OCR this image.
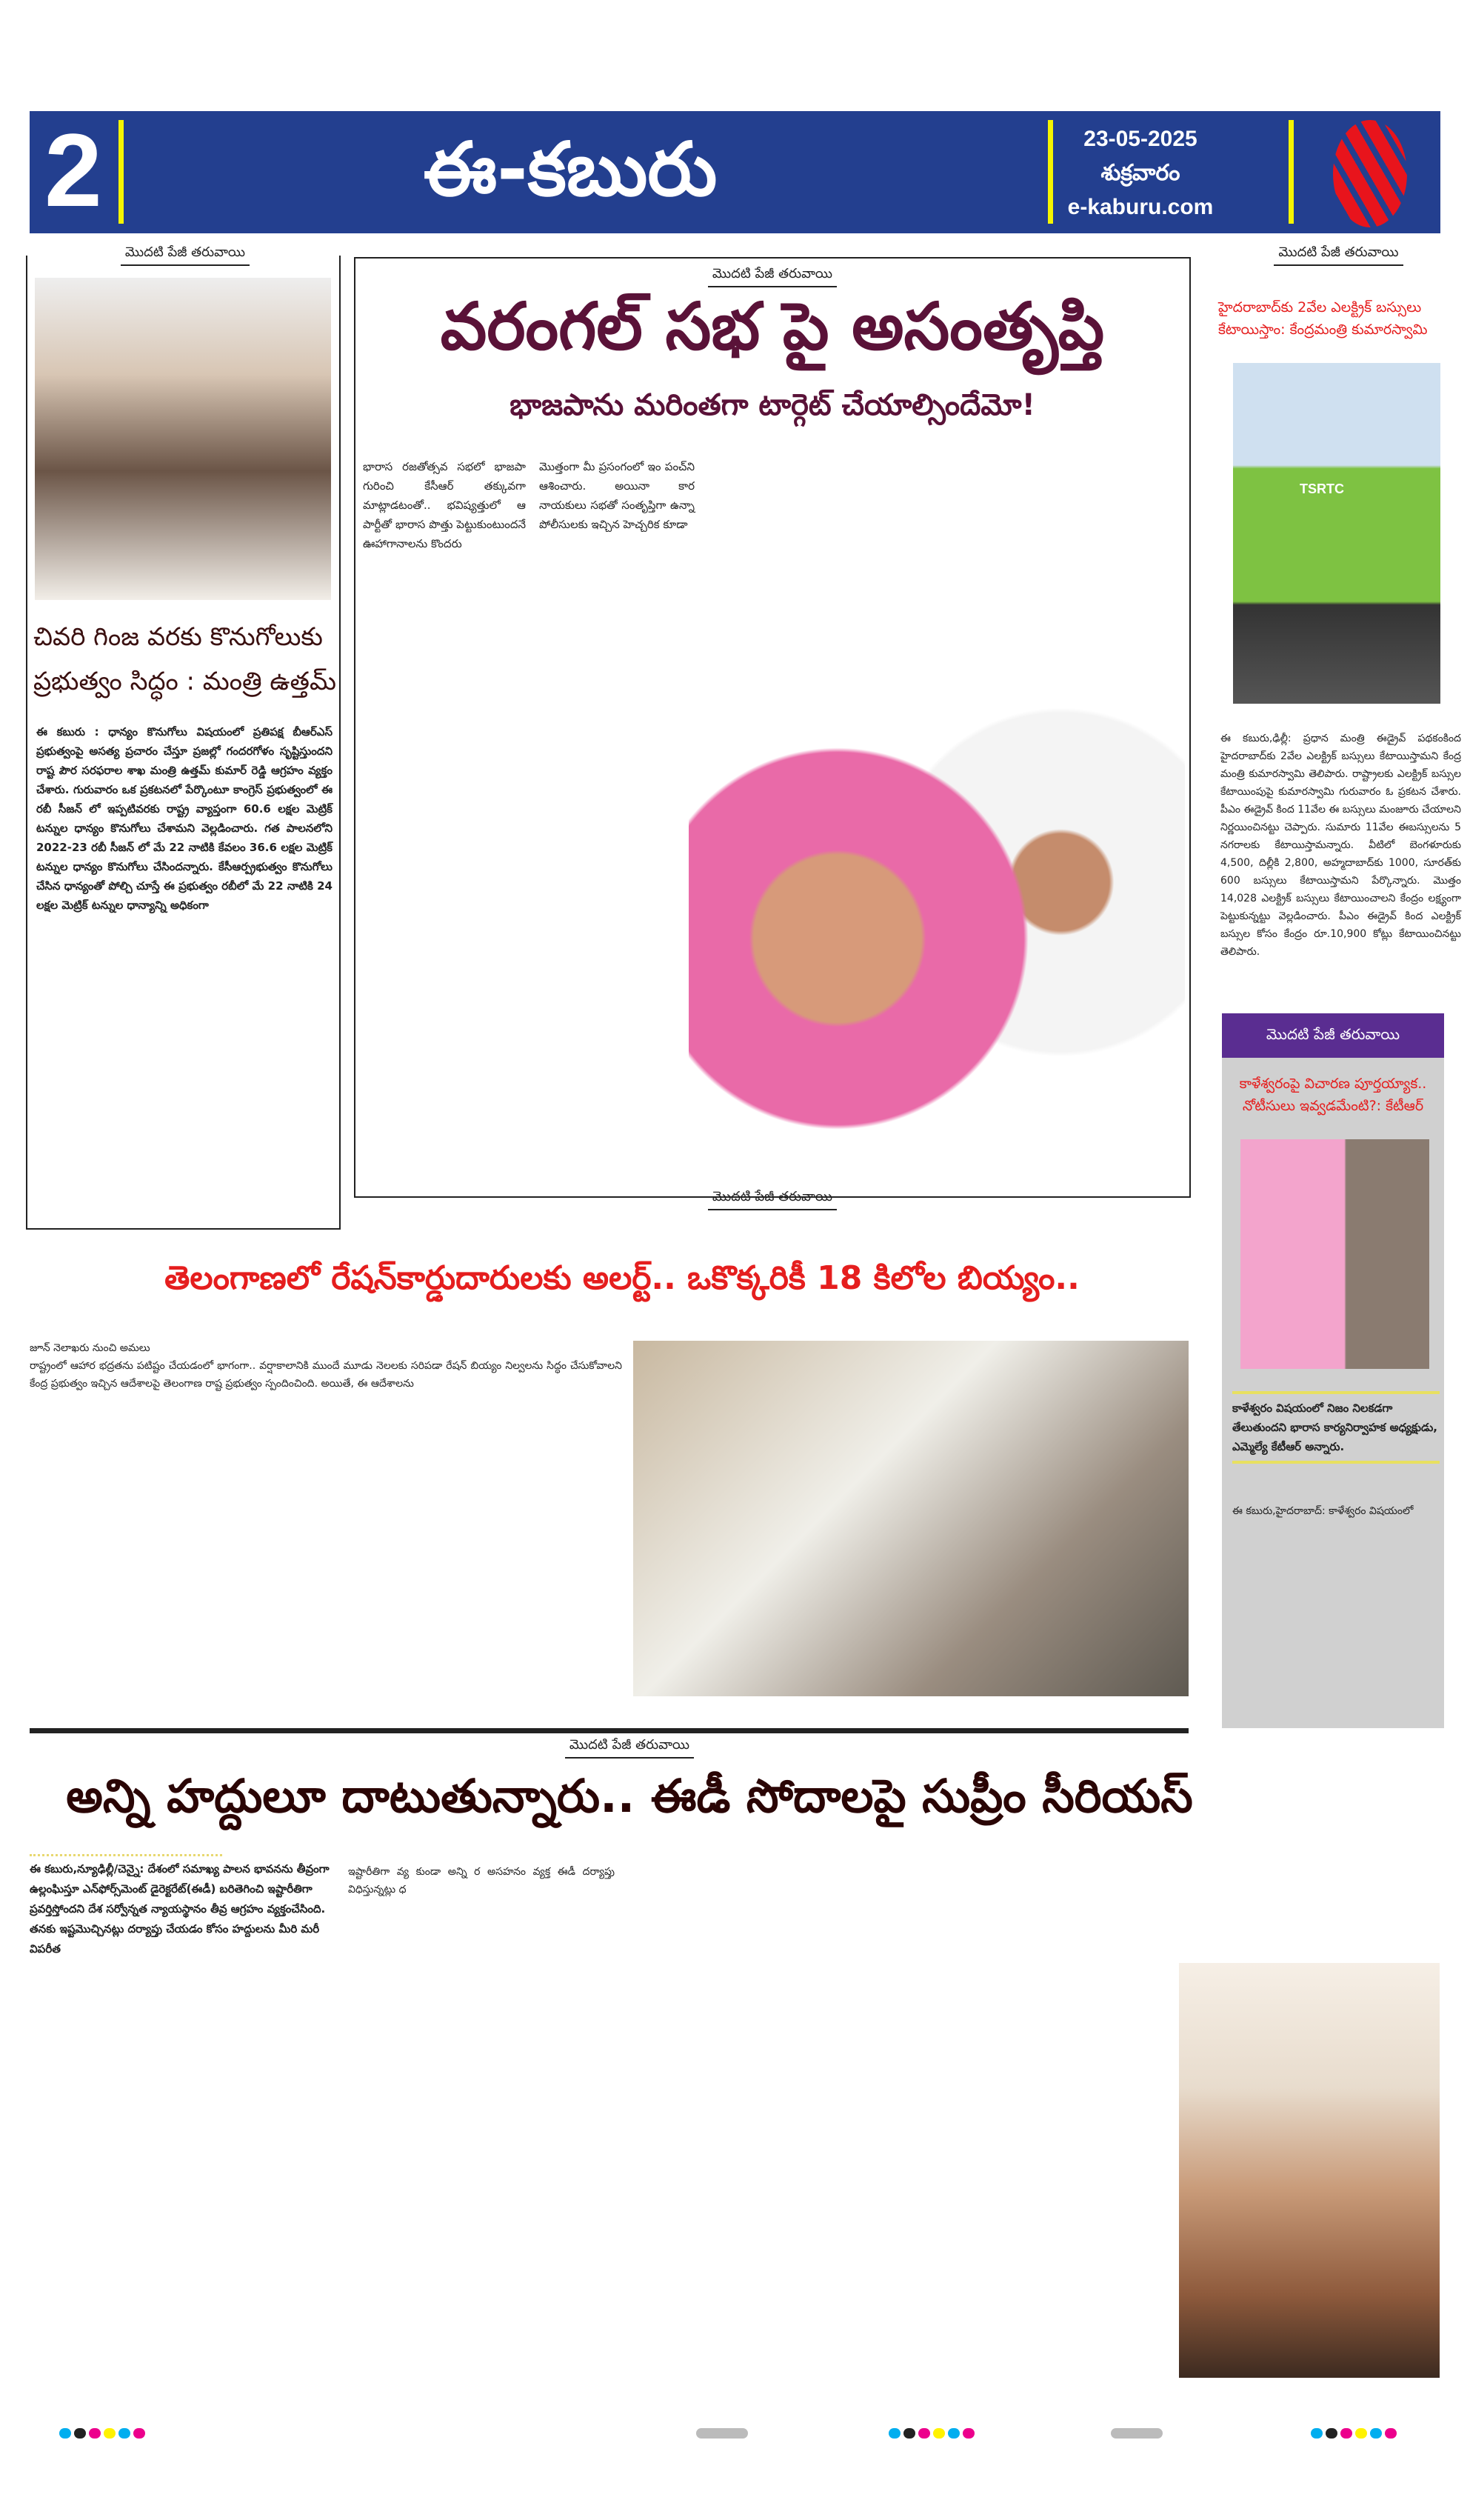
2	ఈ-కబురు	23-05-2025
శుక్రవారం
e-kaburu.com
మొదటి పేజీ తరువాయి
చివరి గింజ వరకు కొనుగోలుకు
ప్రభుత్వం సిద్ధం : మంత్రి ఉత్తమ్
ఈ కబురు : ధాన్యం కొనుగోలు విషయంలో ప్రతిపక్ష బీఆర్ఎస్ ప్రభుత్వంపై అసత్య ప్రచారం చేస్తూ ప్రజల్లో గందరగోళం సృష్టిస్తుందని రాష్ట పౌర సరఫరాల శాఖ మంత్రి ఉత్తమ్ కుమార్ రెడ్డి ఆగ్రహం వ్యక్తం చేశారు. గురువారం ఒక ప్రకటనలో పేర్కొంటూ కాంగ్రెస్ ప్రభుత్వంలో ఈ రబీ సీజన్ లో ఇప్పటివరకు రాష్ట్ర వ్యాప్తంగా 60.6 లక్షల మెట్రిక్ టన్నుల ధాన్యం కొనుగోలు చేశామని వెల్లడించారు. గత పాలనలోని 2022-23 రబీ సీజన్ లో మే 22 నాటికి కేవలం 36.6 లక్షల మెట్రిక్ టన్నుల ధాన్యం కొనుగోలు చేసిందన్నారు. కేసీఆర్ప్రభుత్వం కొనుగోలు చేసిన ధాన్యంతో పోల్చి చూస్తే ఈ ప్రభుత్వం రబీలో మే 22 నాటికి 24 లక్షల మెట్రిక్ టన్నుల ధాన్యాన్ని అధికంగా
మొదటి పేజీ తరువాయి
వరంగల్ సభ పై అసంతృప్తి
భాజపాను మరింతగా టార్గెట్ చేయాల్సిందేమో!
భారాస రజతోత్సవ సభలో భాజపా గురించి కేసీఆర్ తక్కువగా మాట్లాడటంతో.. భవిష్యత్తులో ఆ పార్టీతో భారాస పొత్తు పెట్టుకుంటుందనే ఊహాగానాలను కొందరు
మొత్తంగా మీ ప్రసంగంలో ఇం పంచ్‌ని ఆశించారు. అయినా కార నాయకులు సభతో సంతృప్తిగా ఉన్నా పోలీసులకు ఇచ్చిన హెచ్చరిక కూడా
మొదటి పేజీ తరువాయి
మొదటి పేజీ తరువాయి
హైదరాబాద్‌కు 2వేల ఎలక్ట్రిక్ బస్సులు
కేటాయిస్తాం: కేంద్రమంత్రి కుమారస్వామి
TSRTC
ఈ కబురు,ఢిల్లీ: ప్రధాన మంత్రి ఈడ్రైవ్ పథకంకింద హైదరాబాద్‌కు 2వేల ఎలక్ట్రిక్ బస్సులు కేటాయిస్తామని కేంద్ర మంత్రి కుమారస్వామి తెలిపారు. రాష్ట్రాలకు ఎలక్ట్రిక్ బస్సుల కేటాయింపుపై కుమారస్వామి గురువారం ఓ ప్రకటన చేశారు. పీఎం ఈడ్రైవ్ కింద 11వేల ఈ బస్సులు మంజూరు చేయాలని నిర్ణయించినట్టు చెప్పారు. సుమారు 11వేల ఈబస్సులను 5 నగరాలకు కేటాయిస్తామన్నారు. వీటిలో బెంగళూరుకు 4,500, దిల్లీకి 2,800, అహ్మదాబాద్‌కు 1000, సూరత్‌కు 600 బస్సులు కేటాయిస్తామని పేర్కొన్నారు. మొత్తం 14,028 ఎలక్ట్రిక్ బస్సులు కేటాయించాలని కేంద్రం లక్ష్యంగా పెట్టుకున్నట్టు వెల్లడించారు. పీఎం ఈడ్రైవ్ కింద ఎలక్ట్రిక్ బస్సుల కోసం కేంద్రం రూ.10,900 కోట్లు కేటాయించినట్టు తెలిపారు.
మొదటి పేజీ తరువాయి
కాళేశ్వరంపై విచారణ పూర్తయ్యాక..
నోటీసులు ఇవ్వడమేంటి?: కేటీఆర్
కాళేశ్వరం విషయంలో నిజం నిలకడగా తేలుతుందని భారాస కార్యనిర్వాహక అధ్యక్షుడు, ఎమ్మెల్యే కేటీఆర్ అన్నారు.
ఈ కబురు,హైదరాబాద్: కాళేశ్వరం విషయంలో
తెలంగాణలో రేషన్‌కార్డుదారులకు అలర్ట్.. ఒకొక్కరికీ 18 కిలోల బియ్యం..
జూన్ నెలాఖరు నుంచి అమలు
రాష్ట్రంలో ఆహార భద్రతను పటిష్టం చేయడంలో భాగంగా.. వర్షాకాలానికి ముందే మూడు నెలలకు సరిపడా రేషన్ బియ్యం నిల్వలను సిద్ధం చేసుకోవాలని కేంద్ర ప్రభుత్వం ఇచ్చిన ఆదేశాలపై తెలంగాణ రాష్ట ప్రభుత్వం స్పందించింది. అయితే, ఈ ఆదేశాలను
మొదటి పేజీ తరువాయి
అన్ని హద్దులూ దాటుతున్నారు.. ఈడీ సోదాలపై సుప్రీం సీరియస్
ఈ కబురు,న్యూఢిల్లీ/చెన్నై: దేశంలో సమాఖ్య పాలన భావనను తీవ్రంగా ఉల్లంఘిస్తూ ఎన్‌ఫోర్స్‌మెంట్ డైరెక్టరేట్(ఈడీ) బరితెగించి ఇష్టారీతిగా ప్రవర్తిస్తోందని దేశ సర్వోన్నత న్యాయస్థానం తీవ్ర ఆగ్రహం వ్యక్తంచేసింది. తనకు ఇష్టమొచ్చినట్లు దర్యాప్తు చేయడం కోసం హద్దులను మీరి మరీ విపరీత
ఇష్టారీతిగా వ్య కుండా అన్ని ర అసహనం వ్యక్త ఈడీ దర్యాప్తు విధిస్తున్నట్లు ధ
